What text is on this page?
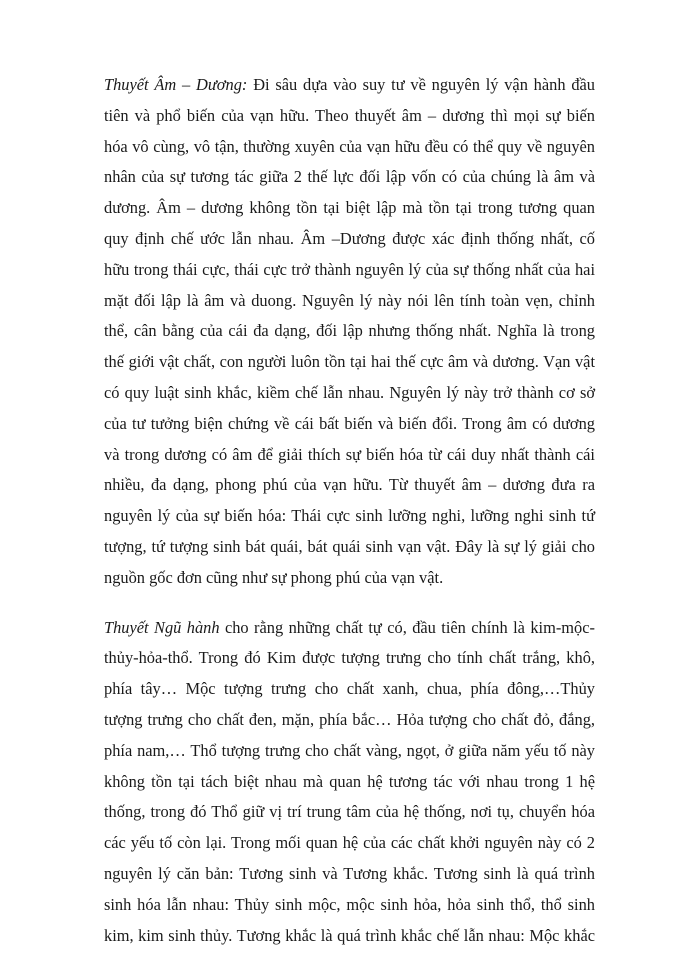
Thuyết Âm – Dương: Đi sâu dựa vào suy tư về nguyên lý vận hành đầu
tiên và phổ biến của vạn hữu. Theo thuyết âm – dương thì mọi sự biến
hóa vô cùng, vô tận, thường xuyên của vạn hữu đều có thể quy về nguyên
nhân của sự tương tác giữa 2 thế lực đối lập vốn có của chúng là âm và
dương. Âm – dương không tồn tại biệt lập mà tồn tại trong tương quan
quy định chế ước lẫn nhau. Âm –Dương được xác định thống nhất, cố
hữu trong thái cực, thái cực trở thành nguyên lý của sự thống nhất của hai
mặt đối lập là âm và duong. Nguyên lý này nói lên tính toàn vẹn, chỉnh
thể, cân bằng của cái đa dạng, đối lập nhưng thống nhất. Nghĩa là trong
thế giới vật chất, con người luôn tồn tại hai thế cực âm và dương. Vạn vật
có quy luật sinh khắc, kiềm chế lẫn nhau. Nguyên lý này trở thành cơ sở
của tư tưởng biện chứng về cái bất biến và biến đổi. Trong âm có dương
và trong dương có âm để giải thích sự biến hóa từ cái duy nhất thành cái
nhiều, đa dạng, phong phú của vạn hữu. Từ thuyết âm – dương đưa ra
nguyên lý của sự biến hóa: Thái cực sinh lưỡng nghi, lưỡng nghi sinh tứ
tượng, tứ tượng sinh bát quái, bát quái sinh vạn vật. Đây là sự lý giải cho
nguồn gốc đơn cũng như sự phong phú của vạn vật.
Thuyết Ngũ hành cho rằng những chất tự có, đầu tiên chính là kim-mộc-
thủy-hỏa-thổ. Trong đó Kim được tượng trưng cho tính chất trắng, khô,
phía tây… Mộc tượng trưng cho chất xanh, chua, phía đông,…Thủy
tượng trưng cho chất đen, mặn, phía bắc… Hỏa tượng cho chất đỏ, đắng,
phía nam,… Thổ tượng trưng cho chất vàng, ngọt, ở giữa năm yếu tố này
không tồn tại tách biệt nhau mà quan hệ tương tác với nhau trong 1 hệ
thống, trong đó Thổ giữ vị trí trung tâm của hệ thống, nơi tụ, chuyển hóa
các yếu tố còn lại. Trong mối quan hệ của các chất khởi nguyên này có 2
nguyên lý căn bản: Tương sinh và Tương khắc. Tương sinh là quá trình
sinh hóa lẫn nhau: Thủy sinh mộc, mộc sinh hỏa, hỏa sinh thổ, thổ sinh
kim, kim sinh thủy. Tương khắc là quá trình khắc chế lẫn nhau: Mộc khắc
